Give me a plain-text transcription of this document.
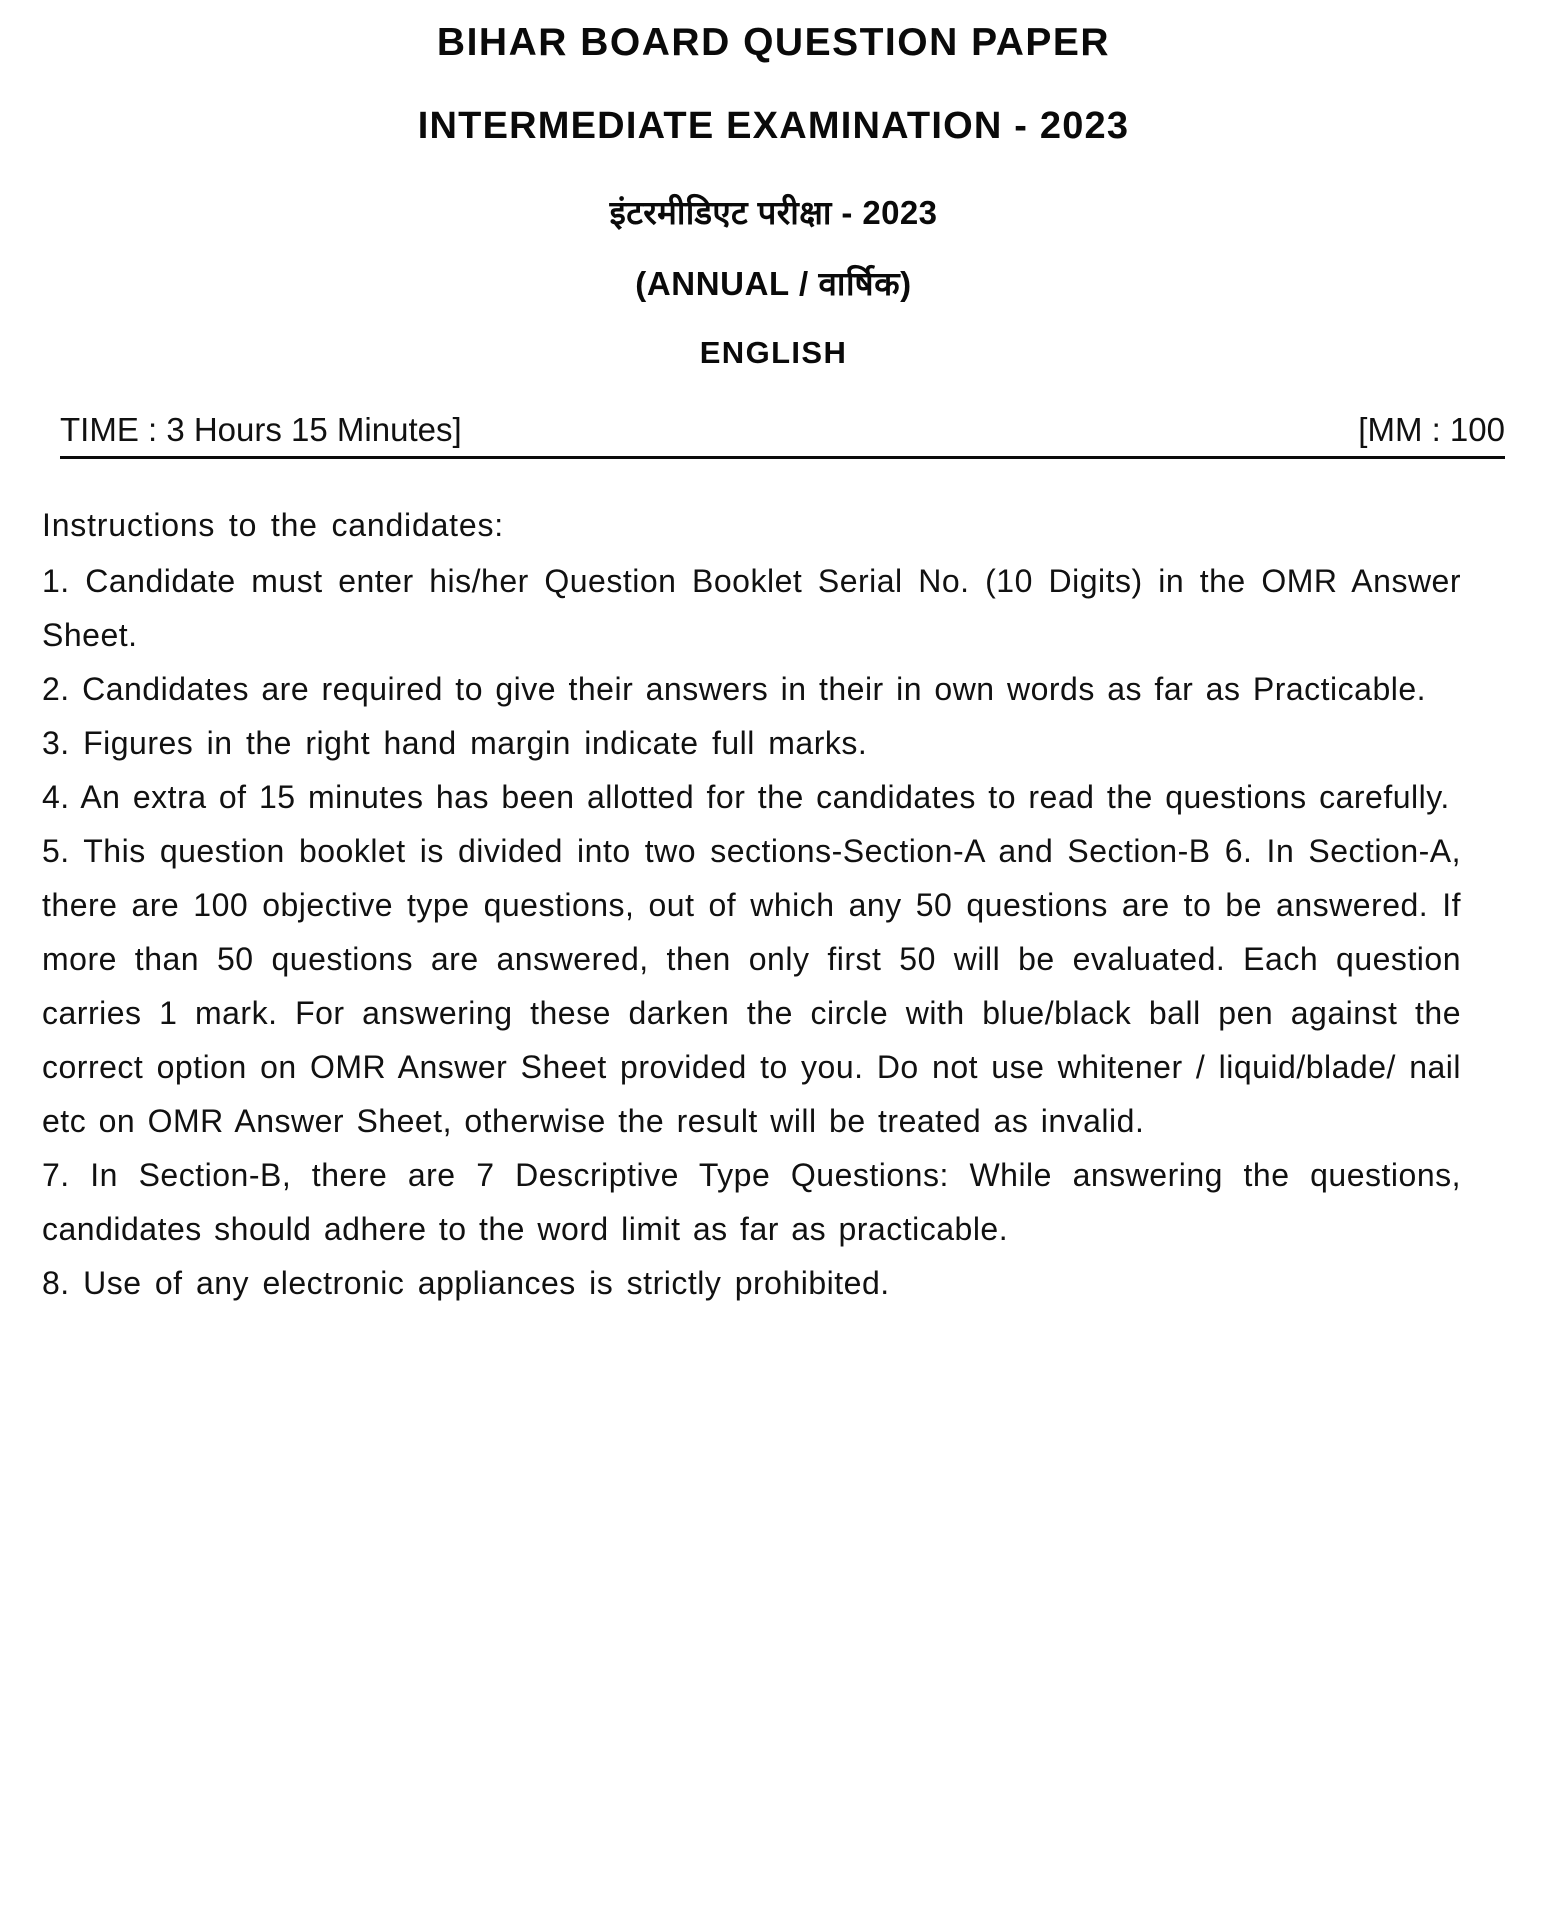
BIHAR BOARD QUESTION PAPER
INTERMEDIATE EXAMINATION - 2023
इंटरमीडिएट परीक्षा - 2023
(ANNUAL / वार्षिक)
ENGLISH
TIME : 3 Hours 15 Minutes]	[MM : 100
Instructions to the candidates:

1. Candidate must enter his/her Question Booklet Serial No. (10 Digits) in the OMR Answer Sheet.

2. Candidates are required to give their answers in their in own words as far as Practicable.

3. Figures in the right hand margin indicate full marks.

4. An extra of 15 minutes has been allotted for the candidates to read the questions carefully.

5. This question booklet is divided into two sections-Section-A and Section-B 6. In Section-A, there are 100 objective type questions, out of which any 50 questions are to be answered. If more than 50 questions are answered, then only first 50 will be evaluated. Each question carries 1 mark. For answering these darken the circle with blue/black ball pen against the correct option on OMR Answer Sheet provided to you. Do not use whitener / liquid/blade/ nail etc on OMR Answer Sheet, otherwise the result will be treated as invalid.

7. In Section-B, there are 7 Descriptive Type Questions: While answering the questions, candidates should adhere to the word limit as far as practicable.

8. Use of any electronic appliances is strictly prohibited.
